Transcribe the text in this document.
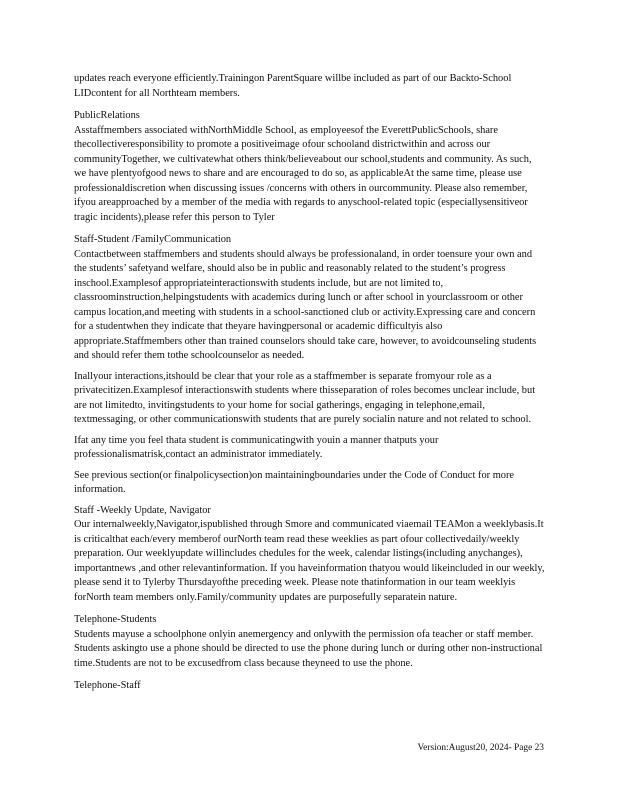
updates reach everyone efficiently.Trainingon ParentSquare willbe included as part of our Backto-School LIDcontent for all Northteam members.

PublicRelations

Asstaffmembers associated withNorthMiddle School, as employeesof the EverettPublicSchools, share thecollectiveresponsibility to promote a positiveimage ofour schooland districtwithin and across our communityTogether, we cultivatewhat others think/believeabout our school,students and community. As such, we have plentyofgood news to share and are encouraged to do so, as applicableAt the same time, please use professionaldiscretion when discussing issues /concerns with others in ourcommunity. Please also remember, ifyou areapproached by a member of the media with regards to anyschool-related topic (especiallysensitiveor tragic incidents),please refer this person to Tyler

Staff-Student /FamilyCommunication

Contactbetween staffmembers and students should always be professionaland, in order toensure your own and the students’ safetyand welfare, should also be in public and reasonably related to the student’s progress inschool.Examplesof appropriateinteractionswith students include, but are not limited to, classroominstruction,helpingstudents with academics during lunch or after school in yourclassroom or other campus location,and meeting with students in a school-sanctioned club or activity.Expressing care and concern for a studentwhen they indicate that theyare havingpersonal or academic difficultyis also appropriate.Staffmembers other than trained counselors should take care, however, to avoidcounseling students and should refer them tothe schoolcounselor as needed.

Inallyour interactions,itshould be clear that your role as a staffmember is separate fromyour role as a privatecitizen.Examplesof interactionswith students where thisseparation of roles becomes unclear include, but are not limitedto, invitingstudents to your home for social gatherings, engaging in telephone,email, textmessaging, or other communicationswith students that are purely socialin nature and not related to school.

Ifat any time you feel thata student is communicatingwith youin a manner thatputs your professionalismatrisk,contact an administrator immediately.

See previous section(or finalpolicysection)on maintainingboundaries under the Code of Conduct for more information.

Staff -Weekly Update, Navigator

Our internalweekly,Navigator,ispublished through Smore and communicated viaemail TEAMon a weeklybasis.It is criticalthat each/every memberof ourNorth team read these weeklies as part ofour collectivedaily/weekly preparation. Our weeklyupdate willincludes chedules for the week, calendar listings(including anychanges), importantnews ,and other relevantinformation. If you haveinformation thatyou would likeincluded in our weekly, please send it to Tylerby Thursdayofthe preceding week. Please note thatinformation in our team weeklyis forNorth team members only.Family/community updates are purposefully separatein nature.

Telephone-Students

Students mayuse a schoolphone onlyin anemergency and onlywith the permission ofa teacher or staff member. Students askingto use a phone should be directed to use the phone during lunch or during other non-instructional time.Students are not to be excusedfrom class because theyneed to use the phone.

Telephone-Staff

Version:August20, 2024- Page 23
